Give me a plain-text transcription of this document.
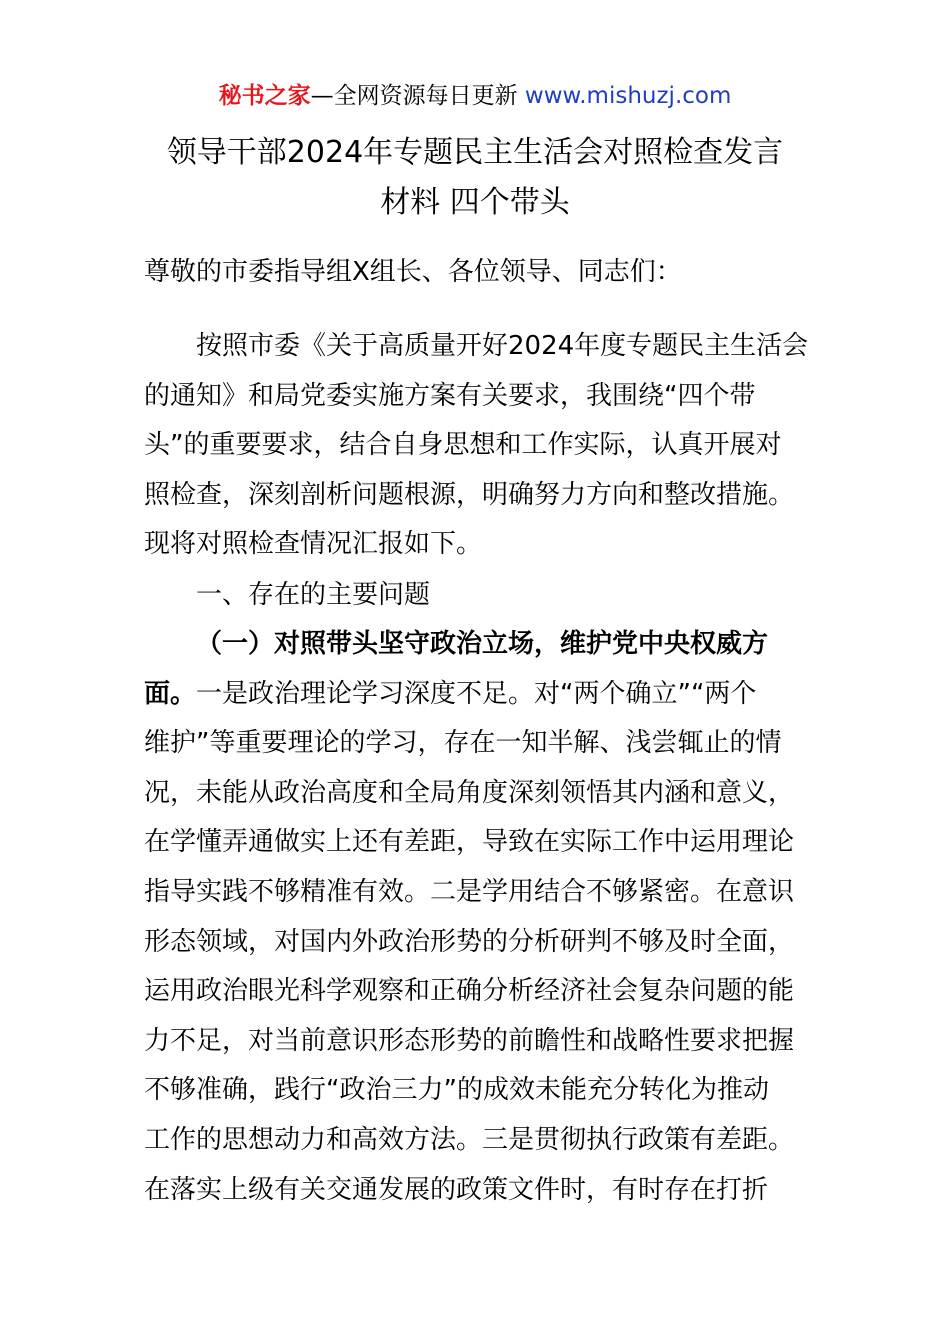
秘书之家—全网资源每日更新 www.mishuzj.com
领导干部2024年专题民主生活会对照检查发言
材料 四个带头
尊敬的市委指导组X组长、各位领导、同志们：
按照市委《关于高质量开好2024年度专题民主生活会
的通知》和局党委实施方案有关要求，我围绕“四个带
头”的重要要求，结合自身思想和工作实际，认真开展对
照检查，深刻剖析问题根源，明确努力方向和整改措施。
现将对照检查情况汇报如下。
一、存在的主要问题
（一）对照带头坚守政治立场，维护党中央权威方
面。一是政治理论学习深度不足。对“两个确立”“两个
维护”等重要理论的学习，存在一知半解、浅尝辄止的情
况，未能从政治高度和全局角度深刻领悟其内涵和意义，
在学懂弄通做实上还有差距，导致在实际工作中运用理论
指导实践不够精准有效。二是学用结合不够紧密。在意识
形态领域，对国内外政治形势的分析研判不够及时全面，
运用政治眼光科学观察和正确分析经济社会复杂问题的能
力不足，对当前意识形态形势的前瞻性和战略性要求把握
不够准确，践行“政治三力”的成效未能充分转化为推动
工作的思想动力和高效方法。三是贯彻执行政策有差距。
在落实上级有关交通发展的政策文件时，有时存在打折
